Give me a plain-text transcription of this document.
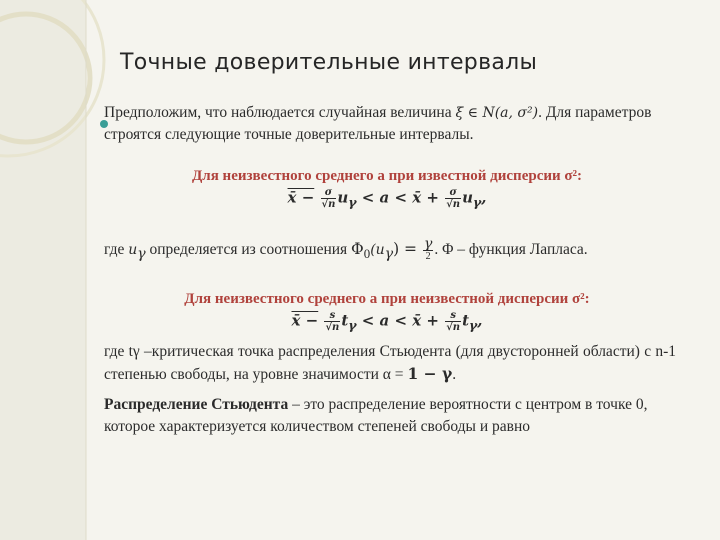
Точные доверительные интервалы

Предположим, что наблюдается случайная величина ξ ∈ N(a, σ²). Для параметров строятся следующие точные доверительные интервалы.

Для неизвестного среднего a при известной дисперсии σ²:

x̄ − $\frac{\sigma}{√n} u_\gamma < a$ < x̄ + $\frac{\sigma}{√n} u_\gamma$,

где $u_\gamma$ определяется из соотношения $\Phi_0(u_\gamma) = \frac{\gamma}{2}$ . Φ – функция Лапласа.

Для неизвестного среднего a при неизвестной дисперсии σ²:

x̄ − $\frac{s}{√n} t_\gamma < a$ < x̄ + $\frac{s}{√n} t_\gamma$,

где tγ –критическая точка распределения Стьюдента (для двусторонней области) с n-1 степенью свободы, на уровне значимости α = 1 − γ.

Распределение Стьюдента – это распределение вероятности с центром в точке 0, которое характеризуется количеством степеней свободы и равно
